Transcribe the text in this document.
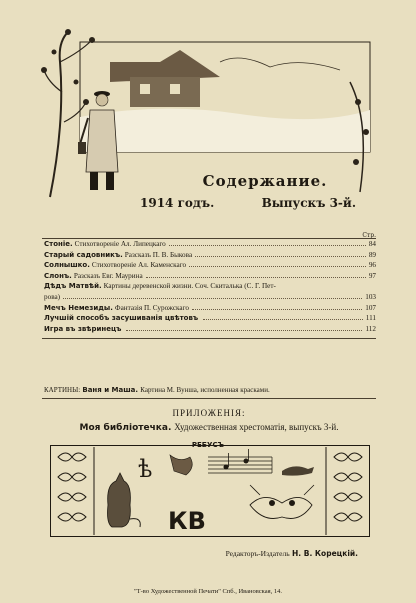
Содержание.
1914 годъ.	Выпускъ 3-й.
Стр.
Стоніе. Стихотвореніе Ал. Липецкаго	84
Старый садовникъ. Разсказъ П. В. Быкова	89
Солнышко. Стихотвореніе Ал. Каменскаго	96
Слонъ. Разсказъ Евг. Маурина	97
Дѣдъ Матвѣй. Картины деревенской жизни. Соч. Скиталька (С. Г. Пет-
рова)	103
Мечъ Немезиды. Фантазія П. Сурожскаго	107
Лучшій способъ засушиванія цвѣтовъ	111
Игра въ звѣринецъ	112
КАРТИНЫ: Ваня и Маша. Картина М. Вунша, исполненная красками.
ПРИЛОЖЕНІЯ:
Моя библіотечка. Художественная хрестоматія, выпускъ 3-й.
РЕБУСЪ
ѣ
КВ
Редакторъ-Издатель Н. В. Корецкій.
"Т-во Художественной Печати" Спб., Ивановская, 14.
